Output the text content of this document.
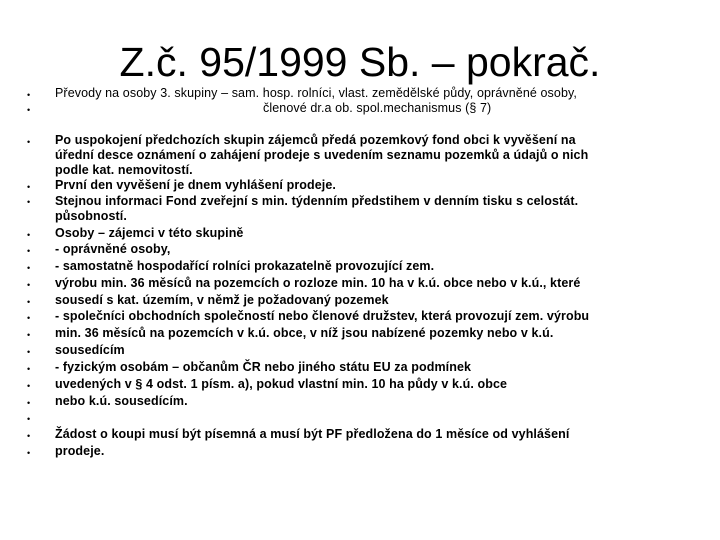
Z.č. 95/1999 Sb. – pokrač.
•
•
•
•
•
•
•
•
•
•
•
•
•
•
•
•
•
•
•
Převody na osoby 3. skupiny – sam. hosp. rolníci, vlast. zemědělské půdy, oprávněné osoby,
členové dr.a ob. spol.mechanismus (§ 7)
Po uspokojení předchozích skupin zájemců předá pozemkový fond obci k vyvěšení na
úřední desce oznámení o zahájení prodeje s uvedením seznamu pozemků a údajů o nich
podle kat. nemovitostí.
První den vyvěšení je dnem vyhlášení prodeje.
Stejnou informaci Fond zveřejní s min. týdenním předstihem v denním tisku s celostát.
působností.
Osoby – zájemci v této skupině
- oprávněné osoby,
- samostatně hospodařící rolníci prokazatelně provozující zem.
výrobu min. 36 měsíců na pozemcích o rozloze min. 10 ha v k.ú. obce nebo v k.ú., které
sousedí s kat. územím, v němž je požadovaný pozemek
- společníci obchodních společností nebo členové družstev, která provozují zem. výrobu
min. 36 měsíců na pozemcích v k.ú. obce, v níž jsou nabízené pozemky nebo v k.ú.
sousedícím
- fyzickým osobám – občanům ČR nebo jiného státu EU za podmínek
uvedených v § 4 odst. 1 písm. a), pokud vlastní min. 10 ha půdy v k.ú. obce
nebo k.ú. sousedícím.
Žádost o koupi musí být písemná a musí být PF předložena do 1 měsíce od vyhlášení
prodeje.
